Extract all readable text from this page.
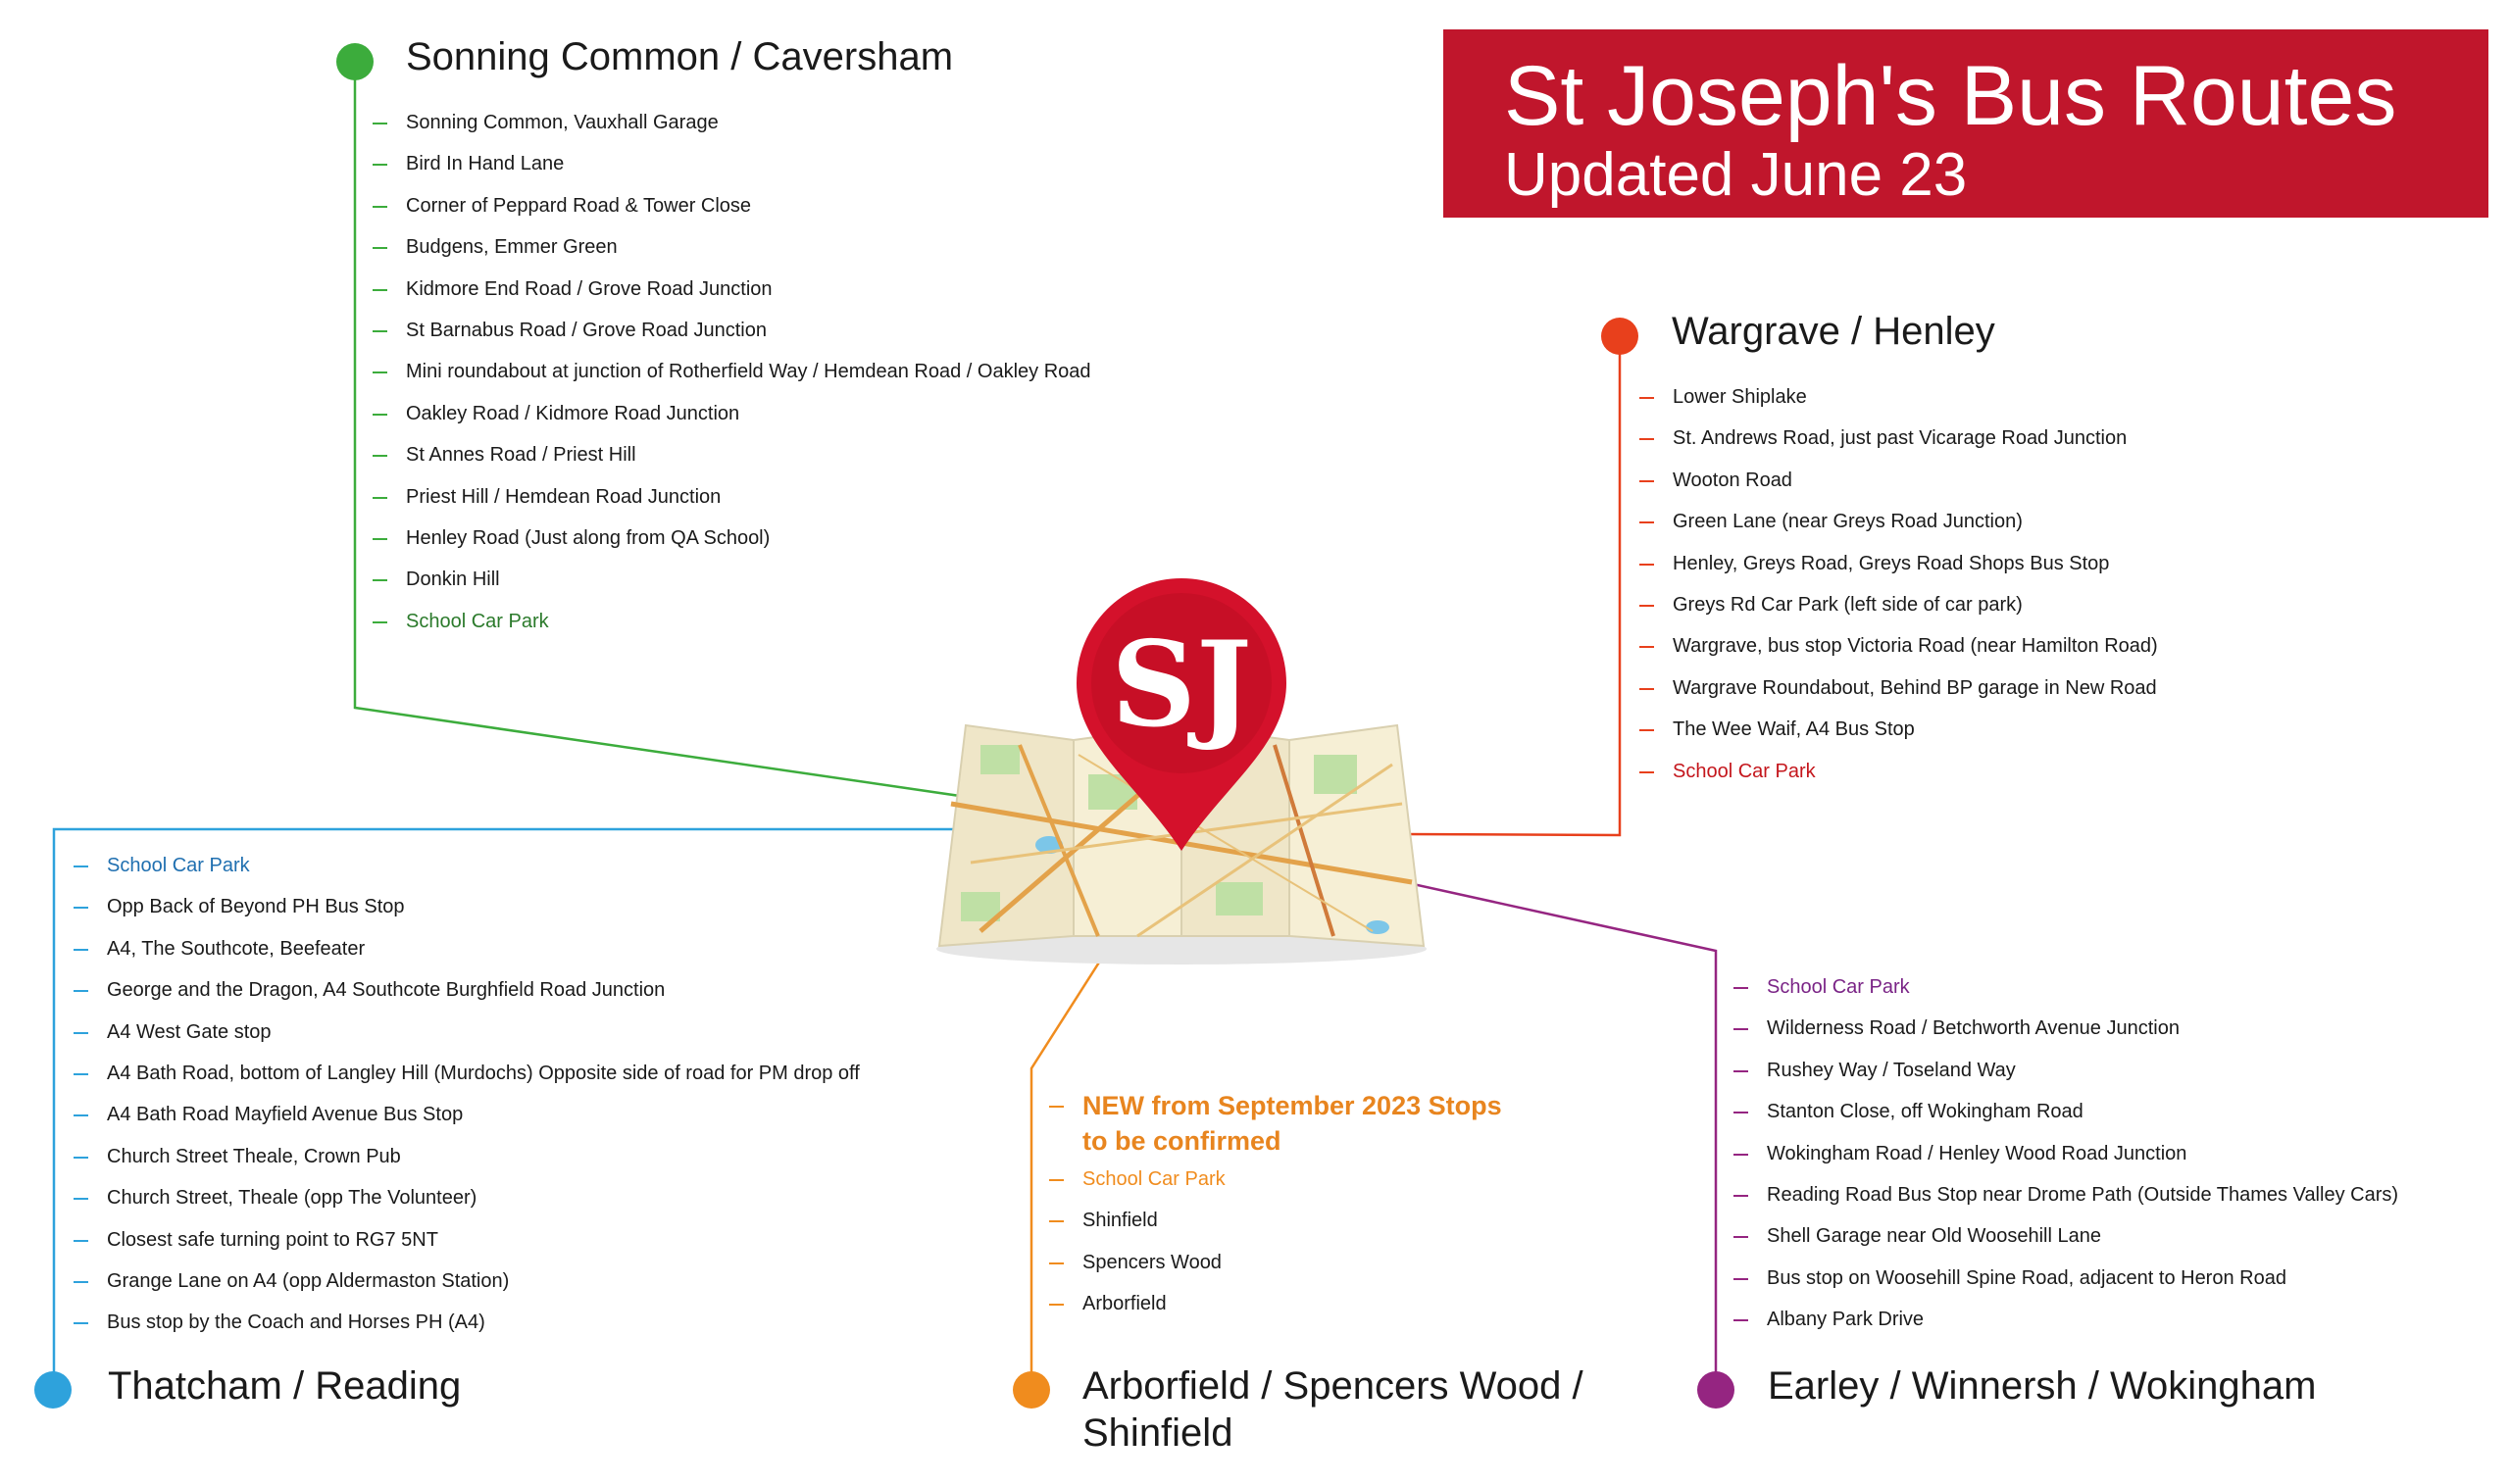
SJ
St Joseph's Bus Routes
Updated June 23
Sonning Common / Caversham
Sonning Common, Vauxhall Garage
Bird In Hand Lane
Corner of Peppard Road & Tower Close
Budgens, Emmer Green
Kidmore End Road / Grove Road Junction
St Barnabus Road / Grove Road Junction
Mini roundabout at junction of Rotherfield Way / Hemdean Road / Oakley Road
Oakley Road / Kidmore Road Junction
St Annes Road / Priest Hill
Priest Hill / Hemdean Road Junction
Henley Road (Just along from QA School)
Donkin Hill
School Car Park
Wargrave / Henley
Lower Shiplake
St. Andrews Road, just past Vicarage Road Junction
Wooton Road
Green Lane (near Greys Road Junction)
Henley, Greys Road, Greys Road Shops Bus Stop
Greys Rd Car Park (left side of car park)
Wargrave, bus stop Victoria Road (near Hamilton Road)
Wargrave Roundabout, Behind BP garage in New Road
The Wee Waif, A4 Bus Stop
School Car Park
School Car Park
Opp Back of Beyond PH Bus Stop
A4, The Southcote, Beefeater
George and the Dragon, A4 Southcote Burghfield Road Junction
A4 West Gate stop
A4 Bath Road, bottom of Langley Hill (Murdochs) Opposite side of road for PM drop off
A4 Bath Road Mayfield Avenue Bus Stop
Church Street Theale, Crown Pub
Church Street, Theale (opp The Volunteer)
Closest safe turning point to RG7 5NT
Grange Lane on A4 (opp Aldermaston Station)
Bus stop by the Coach and Horses PH (A4)
Thatcham / Reading
NEW from September 2023 Stops to be confirmed
School Car Park
Shinfield
Spencers Wood
Arborfield
Arborfield / Spencers Wood / Shinfield
School Car Park
Wilderness Road / Betchworth Avenue Junction
Rushey Way / Toseland Way
Stanton Close, off Wokingham Road
Wokingham Road / Henley Wood Road Junction
Reading Road Bus Stop near Drome Path (Outside Thames Valley Cars)
Shell Garage near Old Woosehill Lane
Bus stop on Woosehill Spine Road, adjacent to Heron Road
Albany Park Drive
Earley / Winnersh / Wokingham
